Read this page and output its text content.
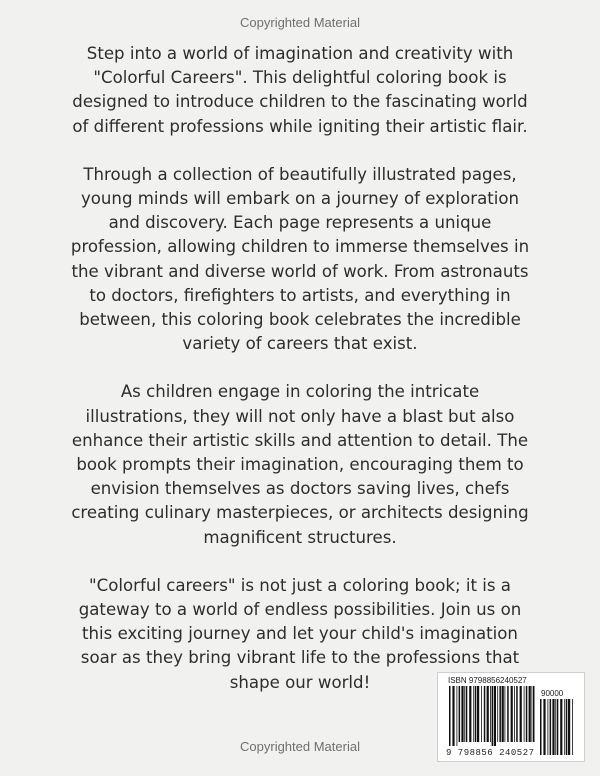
Copyrighted Material

Step into a world of imagination and creativity with "Colorful Careers". This delightful coloring book is designed to introduce children to the fascinating world of different professions while igniting their artistic flair.

Through a collection of beautifully illustrated pages, young minds will embark on a journey of exploration and discovery. Each page represents a unique profession, allowing children to immerse themselves in the vibrant and diverse world of work. From astronauts to doctors, firefighters to artists, and everything in between, this coloring book celebrates the incredible variety of careers that exist.

As children engage in coloring the intricate illustrations, they will not only have a blast but also enhance their artistic skills and attention to detail. The book prompts their imagination, encouraging them to envision themselves as doctors saving lives, chefs creating culinary masterpieces, or architects designing magnificent structures.

"Colorful careers" is not just a coloring book; it is a gateway to a world of endless possibilities. Join us on this exciting journey and let your child's imagination soar as they bring vibrant life to the professions that shape our world!	ISBN 9798856240527
90000
9 798856 240527
Copyrighted Material
